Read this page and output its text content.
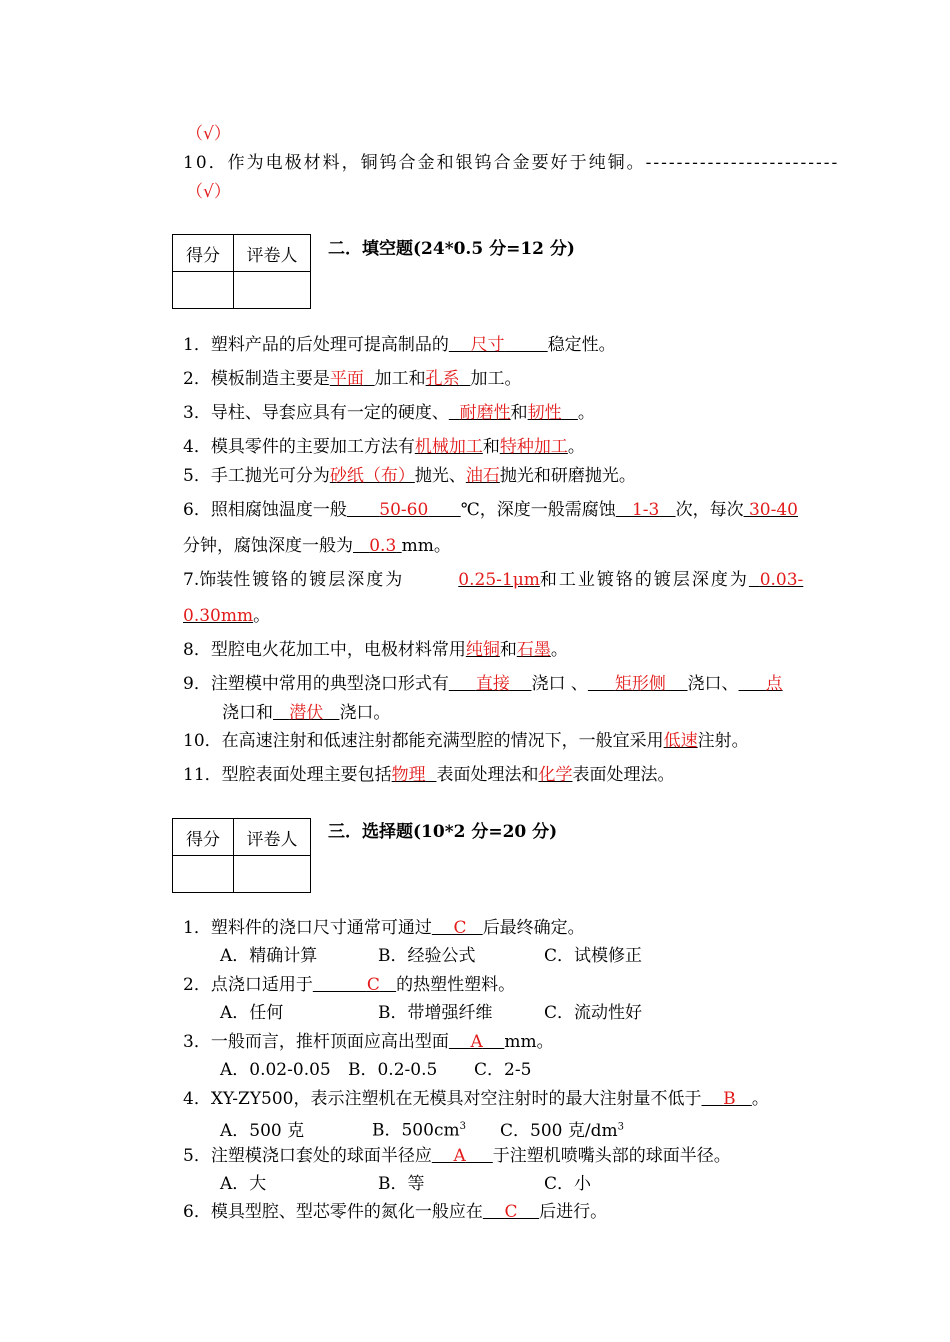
（√）
10．作为电极材料，铜钨合金和银钨合金要好于纯铜。-------------------------
（√）
得分	评卷人
	二．填空题(24*0.5 分=12 分)
1．塑料产品的后处理可提高制品的 尺寸	稳定性。
2．模板制造主要是平面 加工和孔系 加工。
3．导柱、导套应具有一定的硬度、 耐磨性和韧性 。
4．模具零件的主要加工方法有机械加工和特种加工。
5．手工抛光可分为砂纸（布）抛光、油石抛光和研磨抛光。
6．照相腐蚀温度一般 50-60 ℃，深度一般需腐蚀 1-3 次，每次 30-40
分钟，腐蚀深度一般为 0.3 mm。
7.饰装性镀铬的镀层深度为	0.25-1μm和工业镀铬的镀层深度为 0.03-
0.30mm。
8．型腔电火花加工中，电极材料常用纯铜和石墨。
9．注塑模中常用的典型浇口形式有 直接 浇口 、 矩形侧 浇口、 点
浇口和 潜伏 浇口。
10．在高速注射和低速注射都能充满型腔的情况下，一般宜采用低速注射。
11．型腔表面处理主要包括物理 表面处理法和化学表面处理法。
得分	评卷人
	三．选择题(10*2 分=20 分)
1．塑料件的浇口尺寸通常可通过 C 后最终确定。
A．精确计算	B．经验公式	C．试模修正
2．点浇口适用于	C 的热塑性塑料。
A．任何	B．带增强纤维	C．流动性好
3．一般而言，推杆顶面应高出型面 A mm。
A．0.02-0.05 B．0.2-0.5 C．2-5
4．XY-ZY500，表示注塑机在无模具对空注射时的最大注射量不低于 B 。
A．500 克	B．$500cm^3$ C．500 克$/dm^3$
5．注塑模浇口套处的球面半径应 A 于注塑机喷嘴头部的球面半径。
A．大	B．等	C．小
6．模具型腔、型芯零件的氮化一般应在 C 后进行。
